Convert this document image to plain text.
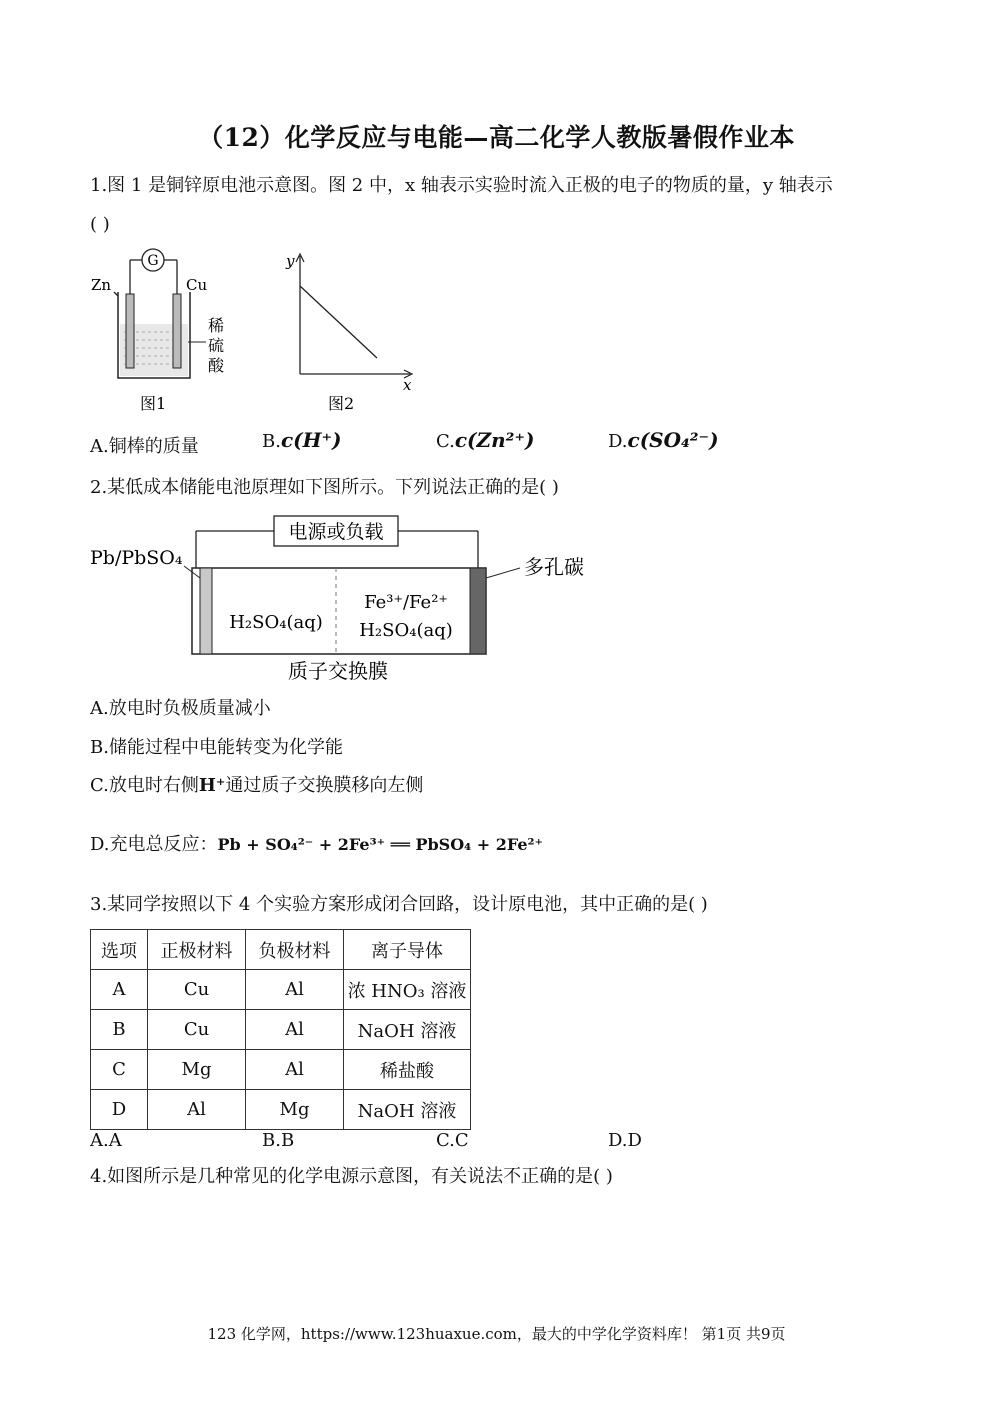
（12）化学反应与电能—高二化学人教版暑假作业本
1.图 1 是铜锌原电池示意图。图 2 中，x 轴表示实验时流入正极的电子的物质的量，y 轴表示
( )
G
Zn	Cu
稀
硫
酸
图1
y
x
图2
A.铜棒的质量	B.c(H⁺)	C.c(Zn²⁺)	D.c(SO₄²⁻)
2.某低成本储能电池原理如下图所示。下列说法正确的是( )
电源或负载
Pb/PbSO₄	多孔碳
H₂SO₄(aq)
Fe³⁺/Fe²⁺
H₂SO₄(aq)
质子交换膜
A.放电时负极质量减小
B.储能过程中电能转变为化学能
C.放电时右侧H⁺通过质子交换膜移向左侧
D.充电总反应：Pb + SO₄²⁻ + 2Fe³⁺ ══ PbSO₄ + 2Fe²⁺
3.某同学按照以下 4 个实验方案形成闭合回路，设计原电池，其中正确的是( )
选项	正极材料	负极材料	离子导体
A	Cu	Al	浓 HNO₃ 溶液
B	Cu	Al	NaOH 溶液
C	Mg	Al	稀盐酸
D	Al	Mg	NaOH 溶液
A.A	B.B	C.C	D.D
4.如图所示是几种常见的化学电源示意图，有关说法不正确的是( )
123 化学网，https://www.123huaxue.com，最大的中学化学资料库！ 第1页 共9页
